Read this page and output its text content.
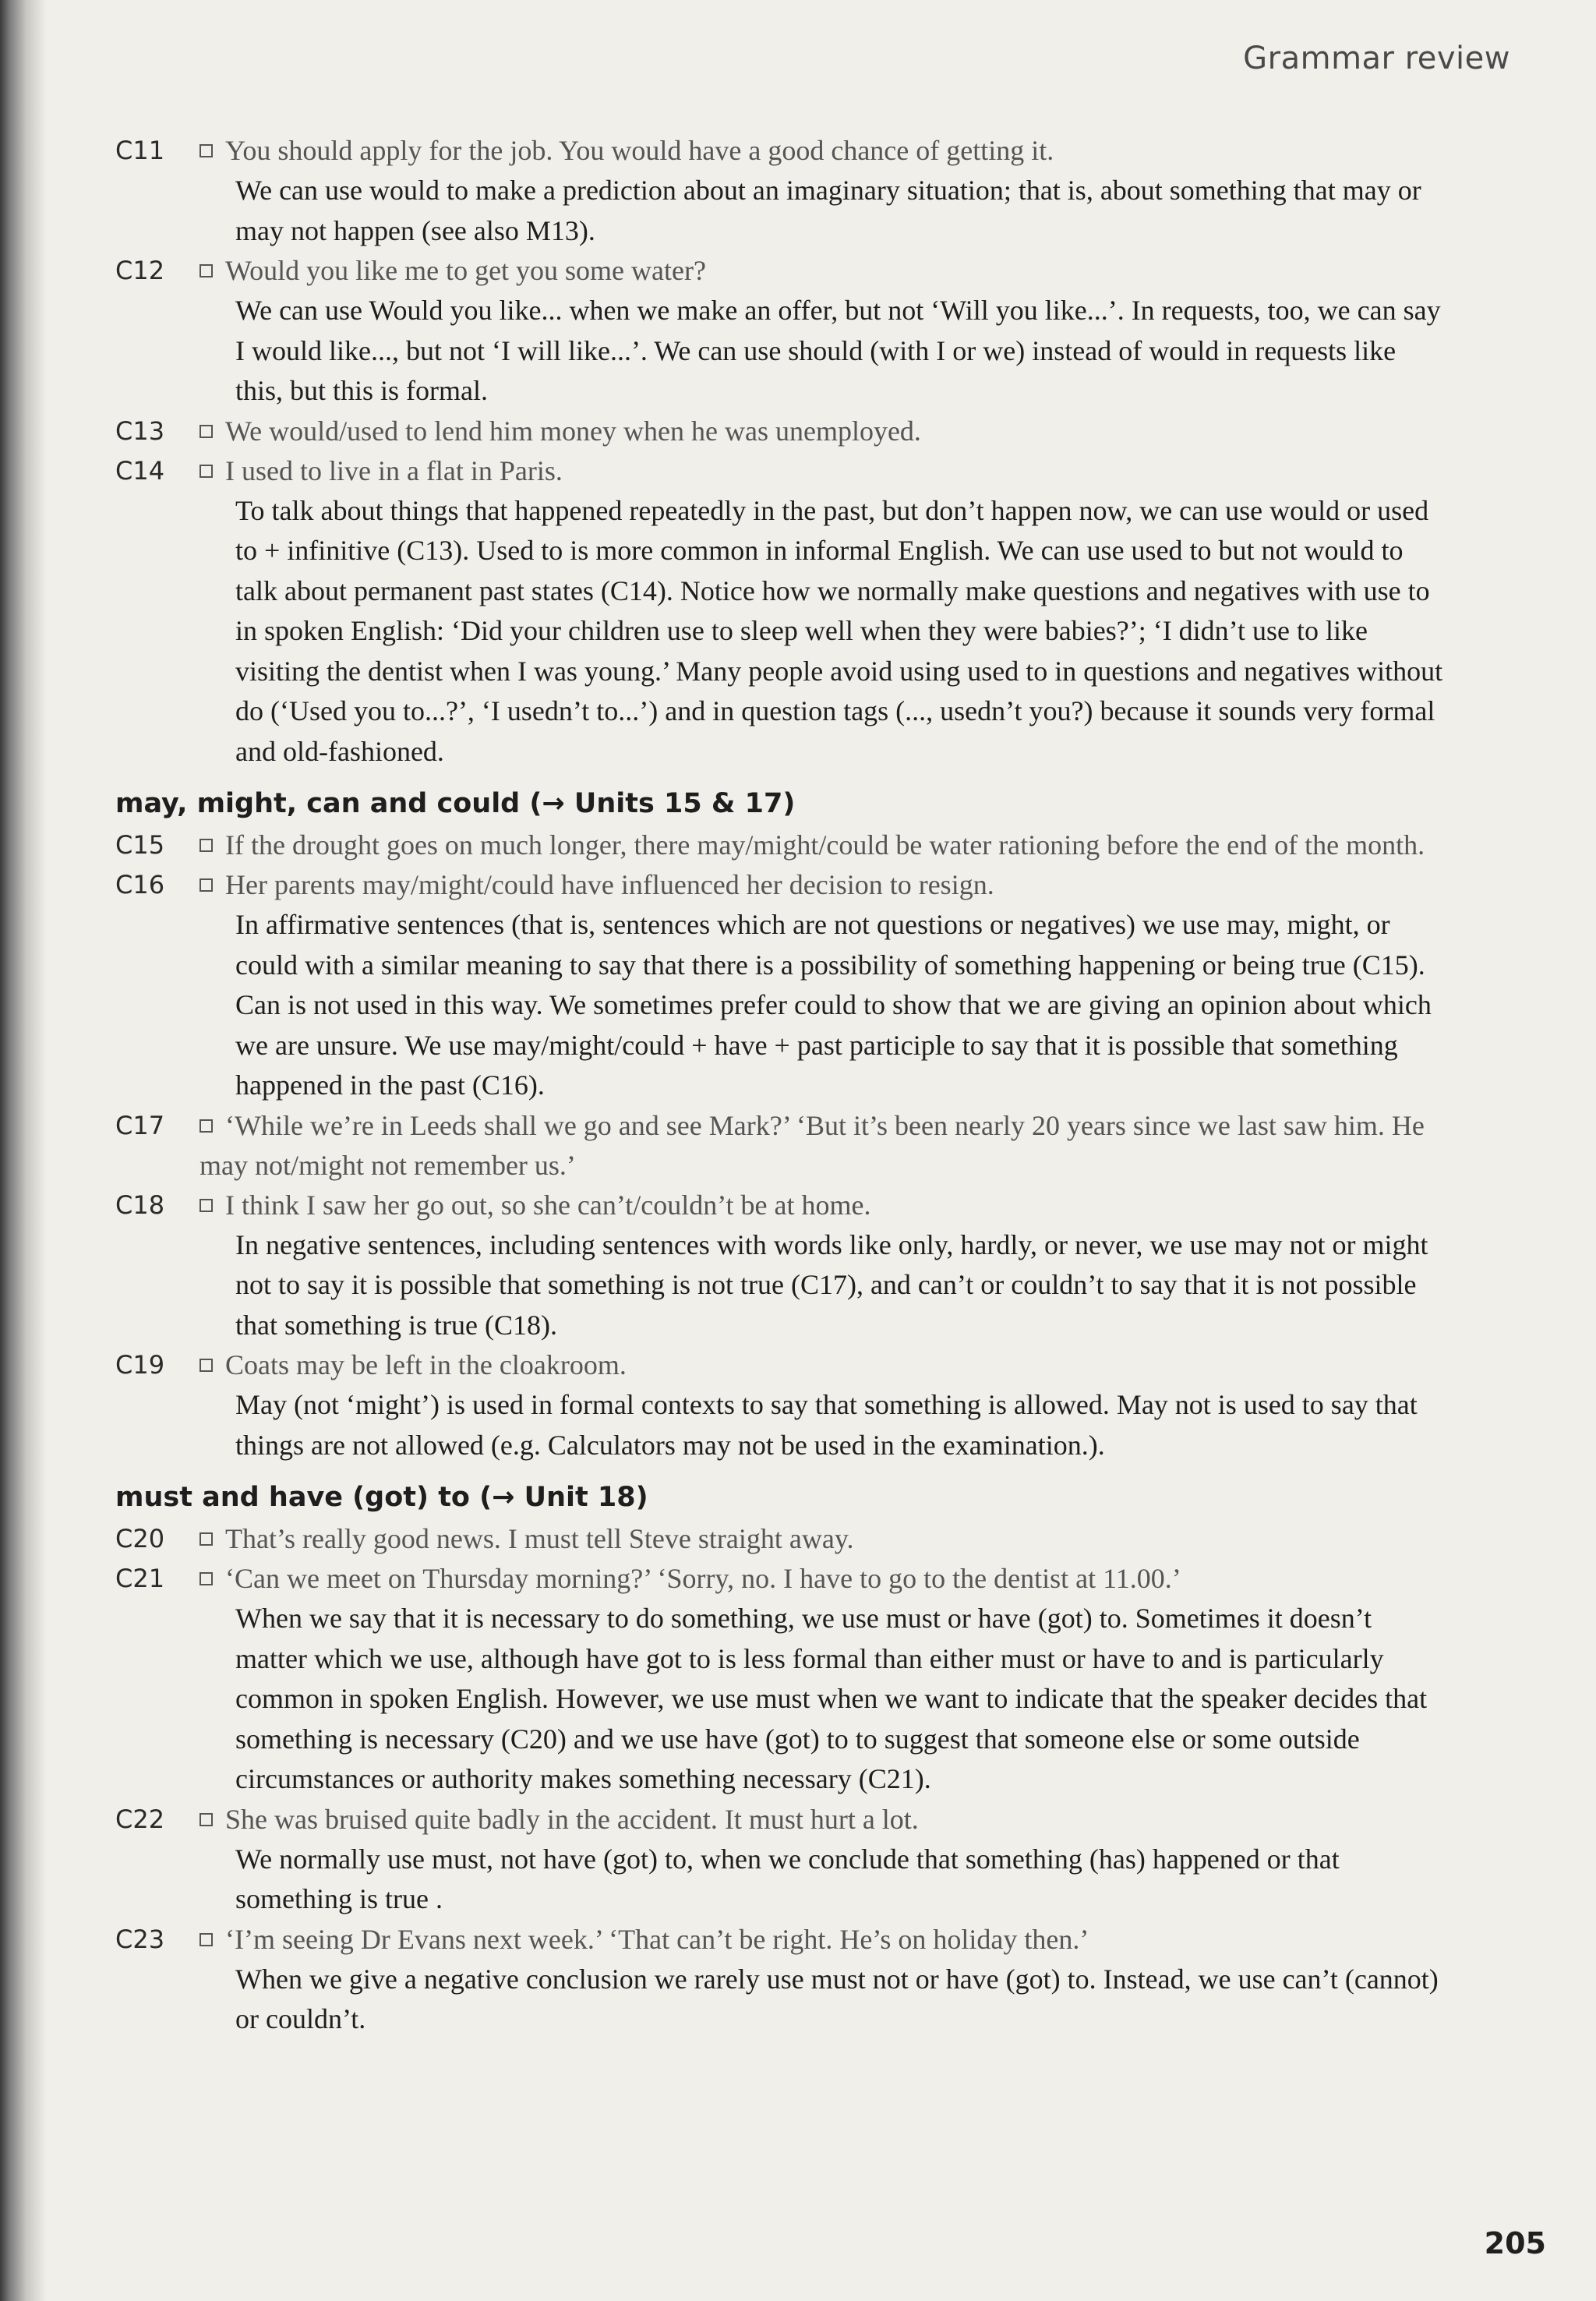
Grammar review
C11	You should apply for the job. You would have a good chance of getting it.

We can use would to make a prediction about an imaginary situation; that is, about something that may or may not happen (see also M13).

C12	Would you like me to get you some water?

We can use Would you like... when we make an offer, but not ‘Will you like...’. In requests, too, we can say I would like..., but not ‘I will like...’. We can use should (with I or we) instead of would in requests like this, but this is formal.

C13	We would/used to lend him money when he was unemployed.
C14	I used to live in a flat in Paris.

To talk about things that happened repeatedly in the past, but don’t happen now, we can use would or used to + infinitive (C13). Used to is more common in informal English. We can use used to but not would to talk about permanent past states (C14). Notice how we normally make questions and negatives with use to in spoken English: ‘Did your children use to sleep well when they were babies?’; ‘I didn’t use to like visiting the dentist when I was young.’ Many people avoid using used to in questions and negatives without do (‘Used you to...?’, ‘I usedn’t to...’) and in question tags (..., usedn’t you?) because it sounds very formal and old-fashioned.

may, might, can and could (→ Units 15 & 17)
C15	If the drought goes on much longer, there may/might/could be water rationing before the end of the month.
C16	Her parents may/might/could have influenced her decision to resign.

In affirmative sentences (that is, sentences which are not questions or negatives) we use may, might, or could with a similar meaning to say that there is a possibility of something happening or being true (C15). Can is not used in this way. We sometimes prefer could to show that we are giving an opinion about which we are unsure. We use may/might/could + have + past participle to say that it is possible that something happened in the past (C16).

C17	‘While we’re in Leeds shall we go and see Mark?’ ‘But it’s been nearly 20 years since we last saw him. He may not/might not remember us.’
C18	I think I saw her go out, so she can’t/couldn’t be at home.

In negative sentences, including sentences with words like only, hardly, or never, we use may not or might not to say it is possible that something is not true (C17), and can’t or couldn’t to say that it is not possible that something is true (C18).

C19	Coats may be left in the cloakroom.

May (not ‘might’) is used in formal contexts to say that something is allowed. May not is used to say that things are not allowed (e.g. Calculators may not be used in the examination.).

must and have (got) to (→ Unit 18)
C20	That’s really good news. I must tell Steve straight away.
C21	‘Can we meet on Thursday morning?’ ‘Sorry, no. I have to go to the dentist at 11.00.’

When we say that it is necessary to do something, we use must or have (got) to. Sometimes it doesn’t matter which we use, although have got to is less formal than either must or have to and is particularly common in spoken English. However, we use must when we want to indicate that the speaker decides that something is necessary (C20) and we use have (got) to to suggest that someone else or some outside circumstances or authority makes something necessary (C21).

C22	She was bruised quite badly in the accident. It must hurt a lot.

We normally use must, not have (got) to, when we conclude that something (has) happened or that something is true .

C23	‘I’m seeing Dr Evans next week.’ ‘That can’t be right. He’s on holiday then.’

When we give a negative conclusion we rarely use must not or have (got) to. Instead, we use can’t (cannot) or couldn’t.

205
